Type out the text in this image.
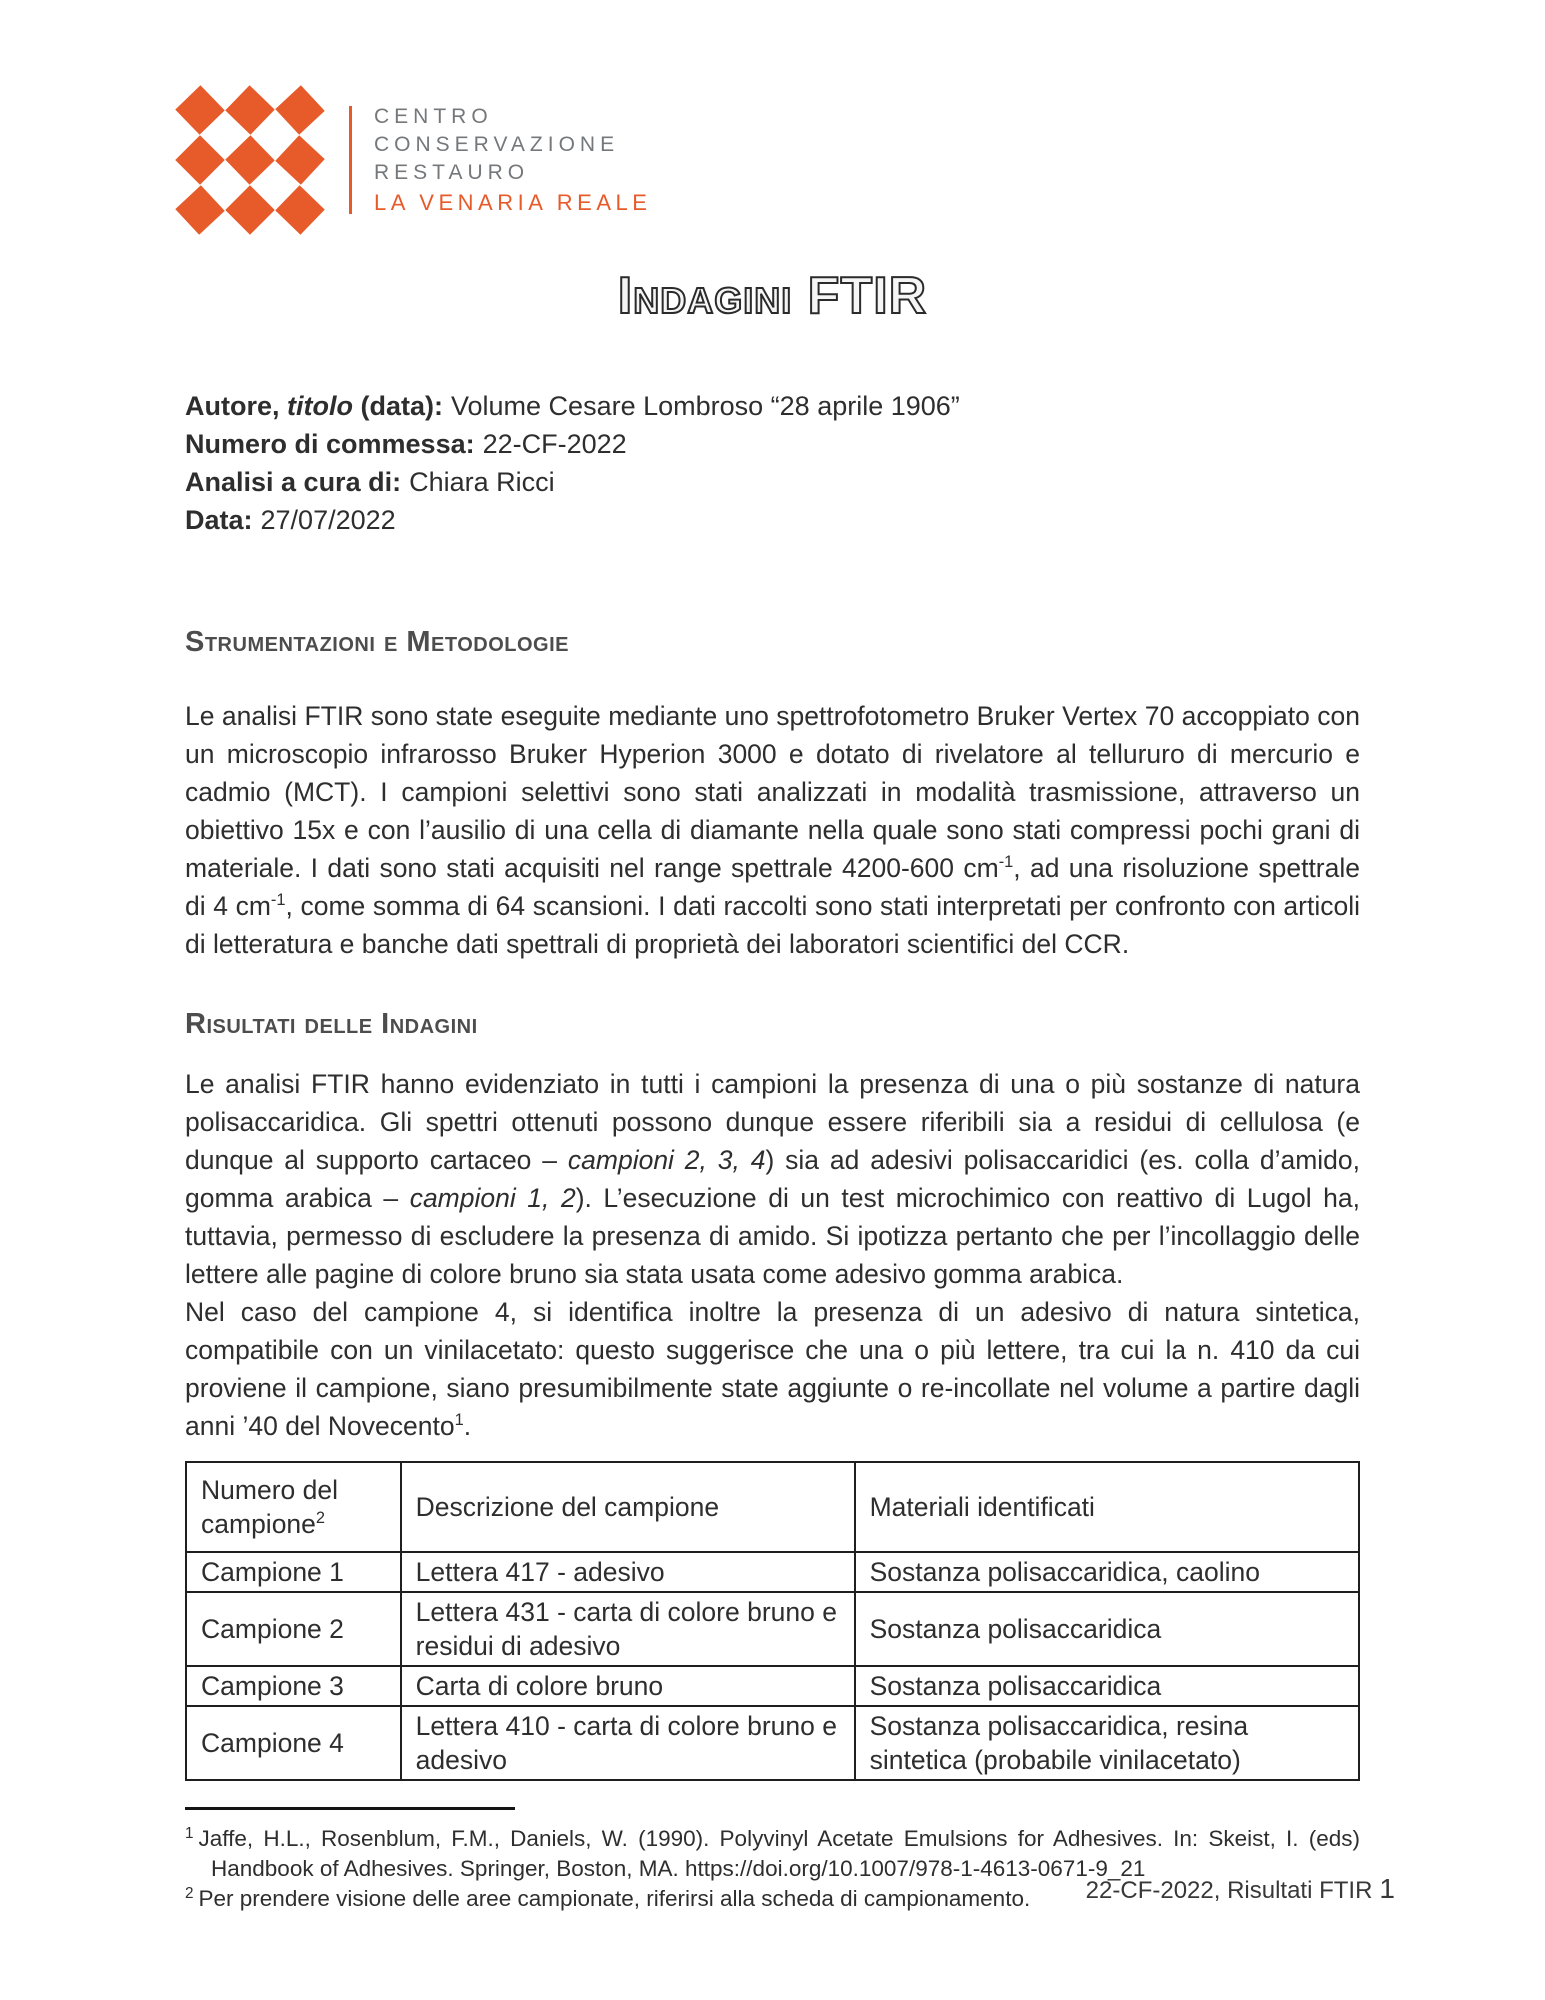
CENTRO
CONSERVAZIONE
RESTAURO
LA VENARIA REALE
Indagini FTIR
Autore, titolo (data): Volume Cesare Lombroso “28 aprile 1906”
Numero di commessa: 22-CF-2022
Analisi a cura di: Chiara Ricci
Data: 27/07/2022
Strumentazioni e Metodologie

Le analisi FTIR sono state eseguite mediante uno spettrofotometro Bruker Vertex 70 accoppiato con un microscopio infrarosso Bruker Hyperion 3000 e dotato di rivelatore al tellururo di mercurio e cadmio (MCT). I campioni selettivi sono stati analizzati in modalità trasmissione, attraverso un obiettivo 15x e con l’ausilio di una cella di diamante nella quale sono stati compressi pochi grani di materiale. I dati sono stati acquisiti nel range spettrale 4200-600 $cm^{-1}$, ad una risoluzione spettrale di 4 $cm^{-1}$, come somma di 64 scansioni. I dati raccolti sono stati interpretati per confronto con articoli di letteratura e banche dati spettrali di proprietà dei laboratori scientifici del CCR.

Risultati delle Indagini

Le analisi FTIR hanno evidenziato in tutti i campioni la presenza di una o più sostanze di natura polisaccaridica. Gli spettri ottenuti possono dunque essere riferibili sia a residui di cellulosa (e dunque al supporto cartaceo – campioni 2, 3, 4) sia ad adesivi polisaccaridici (es. colla d’amido, gomma arabica – campioni 1, 2). L’esecuzione di un test microchimico con reattivo di Lugol ha, tuttavia, permesso di escludere la presenza di amido. Si ipotizza pertanto che per l’incollaggio delle lettere alle pagine di colore bruno sia stata usata come adesivo gomma arabica.

Nel caso del campione 4, si identifica inoltre la presenza di un adesivo di natura sintetica, compatibile con un vinilacetato: questo suggerisce che una o più lettere, tra cui la n. 410 da cui proviene il campione, siano presumibilmente state aggiunte o re-incollate nel volume a partire dagli anni ’40 del Novecento$^1$.

Numero del campione$^2$	Descrizione del campione	Materiali identificati
Campione 1	Lettera 417 - adesivo	Sostanza polisaccaridica, caolino
Campione 2	Lettera 431 - carta di colore bruno e residui di adesivo	Sostanza polisaccaridica
Campione 3	Carta di colore bruno	Sostanza polisaccaridica
Campione 4	Lettera 410 - carta di colore bruno e adesivo	Sostanza polisaccaridica, resina sintetica (probabile vinilacetato)
$^1$ Jaffe, H.L., Rosenblum, F.M., Daniels, W. (1990). Polyvinyl Acetate Emulsions for Adhesives. In: Skeist, I. (eds) Handbook of Adhesives. Springer, Boston, MA. https://doi.org/10.1007/978-1-4613-0671-9_21
$^2$ Per prendere visione delle aree campionate, riferirsi alla scheda di campionamento.	22-CF-2022, Risultati FTIR 1
